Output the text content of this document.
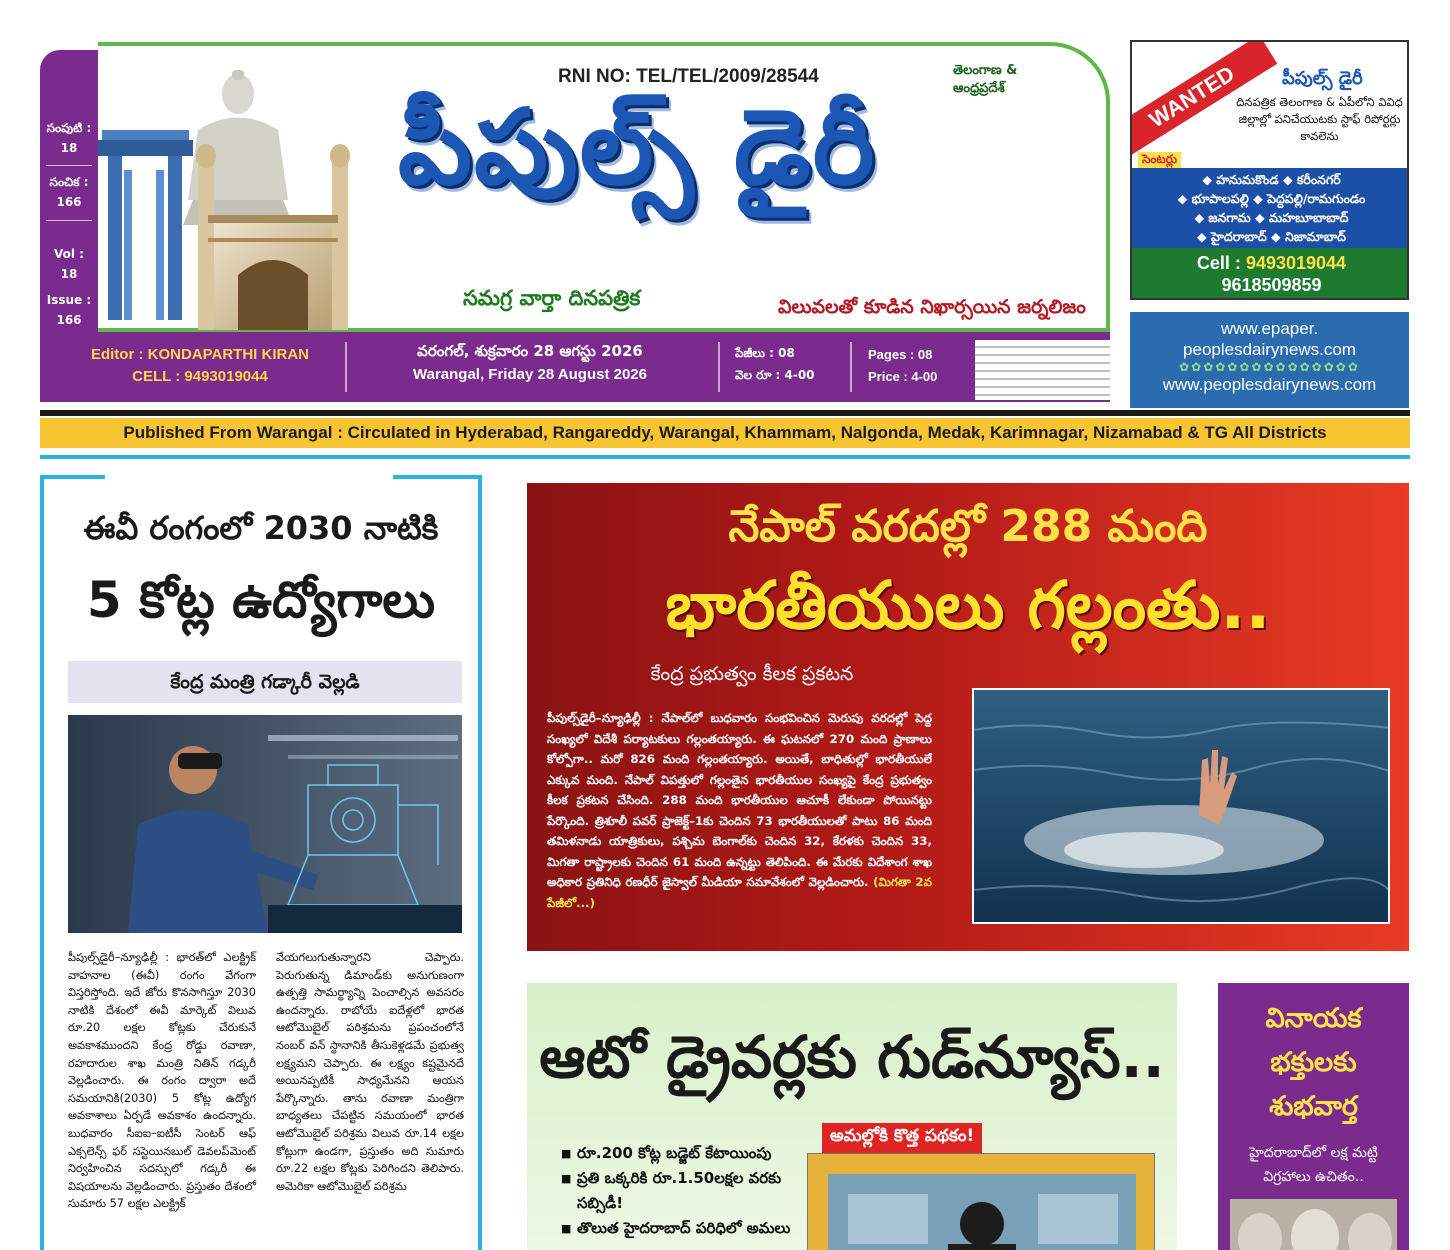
సంపుటి :
18
సంచిక :
166
Vol :
18
Issue :
166
RNI NO: TEL/TEL/2009/28544	తెలంగాణ &
ఆంధ్రప్రదేశ్
పీపుల్స్ డైరీ
సమగ్ర వార్తా దినపత్రిక	విలువలతో కూడిన నిఖార్సయిన జర్నలిజం
Editor : KONDAPARTHI KIRAN
CELL : 9493019044
వరంగల్, శుక్రవారం 28 ఆగస్టు 2026
Warangal, Friday 28 August 2026
పేజీలు : 08
వెల రూ : 4-00
Pages : 08
Price : 4-00
WANTED	పీపుల్స్ డైరీ
దినపత్రిక తెలంగాణ & ఏపీలోని వివిధ జిల్లాల్లో పనిచేయుటకు స్టాఫ్ రిపోర్టర్లు కావలెను
సెంటర్లు
◆ హనుమకొండ ◆ కరీంనగర్
◆ భూపాలపల్లి ◆ పెద్దపల్లి/రామగుండం
◆ జనగామ ◆ మహబూబాబాద్
◆ హైదరాబాద్ ◆ నిజామాబాద్
Cell : 9493019044
9618509859
www.epaper.
peoplesdairynews.com
✿✿✿✿✿✿✿✿✿✿✿✿✿✿✿
www.peoplesdairynews.com
Published From Warangal : Circulated in Hyderabad, Rangareddy, Warangal, Khammam, Nalgonda, Medak, Karimnagar, Nizamabad & TG All Districts
ఈవీ రంగంలో 2030 నాటికి
5 కోట్ల ఉద్యోగాలు
కేంద్ర మంత్రి గడ్కారీ వెల్లడి
పీపుల్స్‌డైరీ–న్యూఢిల్లీ : భారత్‌లో ఎలక్ట్రిక్ వాహనాల (ఈవీ) రంగం వేగంగా విస్తరిస్తోంది. ఇదే జోరు కొనసాగిస్తూ 2030 నాటికి దేశంలో ఈవీ మార్కెట్ విలువ రూ.20 లక్షల కోట్లకు చేరుకునే అవకాశముందని కేంద్ర రోడ్డు రవాణా, రహదారుల శాఖ మంత్రి నితిన్ గడ్కరీ వెల్లడించారు. ఈ రంగం ద్వారా అదే సమయానికి(2030) 5 కోట్ల ఉద్యోగ అవకాశాలు ఏర్పడే అవకాశం ఉందన్నారు. బుధవారం సీఐఐ–ఐటీసీ సెంటర్ ఆఫ్ ఎక్సలెన్స్ ఫర్ సస్టెయినబుల్ డెవలప్‌మెంట్ నిర్వహించిన సదస్సులో గడ్కరీ ఈ విషయాలను వెల్లడించారు. ప్రస్తుతం దేశంలో సుమారు 57 లక్షల ఎలక్ట్రిక్
వేయగలుగుతున్నారని చెప్పారు. పెరుగుతున్న డిమాండ్‌కు అనుగుణంగా ఉత్పత్తి సామర్థ్యాన్ని పెంచాల్సిన అవసరం ఉందన్నారు. రాబోయే ఐదేళ్లలో భారత ఆటోమొబైల్ పరిశ్రమను ప్రపంచంలోనే నంబర్ వన్ స్థానానికి తీసుకెళ్లడమే ప్రభుత్వ లక్ష్యమని చెప్పారు. ఈ లక్ష్యం కష్టమైనదే అయినప్పటికీ సాధ్యమేనని ఆయన పేర్కొన్నారు. తాను రవాణా మంత్రిగా బాధ్యతలు చేపట్టిన సమయంలో భారత ఆటోమొబైల్ పరిశ్రమ విలువ రూ.14 లక్షల కోట్లుగా ఉండగా, ప్రస్తుతం అది సుమారు రూ.22 లక్షల కోట్లకు పెరిగిందని తెలిపారు. అమెరికా ఆటోమొబైల్ పరిశ్రమ
నేపాల్ వరదల్లో 288 మంది
భారతీయులు గల్లంతు..
కేంద్ర ప్రభుత్వం కీలక ప్రకటన
పీపుల్స్‌డైరీ–న్యూఢిల్లీ : నేపాల్‌లో బుధవారం సంభవించిన మెరుపు వరదల్లో పెద్ద సంఖ్యలో విదేశీ పర్యాటకులు గల్లంతయ్యారు. ఈ ఘటనలో 270 మంది ప్రాణాలు కోల్పోగా.. మరో 826 మంది గల్లంతయ్యారు. అయితే, బాధితుల్లో భారతీయులే ఎక్కువ మంది. నేపాల్ విపత్తులో గల్లంతైన భారతీయుల సంఖ్యపై కేంద్ర ప్రభుత్వం కీలక ప్రకటన చేసింది. 288 మంది భారతీయుల ఆచూకీ లేకుండా పోయినట్టు పేర్కొంది. త్రిశూలీ పవర్ ప్రాజెక్ట్–1కు చెందిన 73 భారతీయులతో పాటు 86 మంది తమిళనాడు యాత్రికులు, పశ్చిమ బెంగాల్‌కు చెందిన 32, కేరళకు చెందిన 33, మిగతా రాష్ట్రాలకు చెందిన 61 మంది ఉన్నట్టు తెలిపింది. ఈ మేరకు విదేశాంగ శాఖ అధికార ప్రతినిధి రణధీర్ జైస్వాల్ మీడియా సమావేశంలో వెల్లడించారు. (మిగతా 2వ పేజీలో...)
ఆటో డ్రైవర్లకు గుడ్‌న్యూస్..
అమల్లోకి కొత్త పథకం!
■ రూ.200 కోట్ల బడ్జెట్ కేటాయింపు
■ ప్రతి ఒక్కరికి రూ.1.50లక్షల వరకు సబ్సిడీ!
■ తొలుత హైదరాబాద్ పరిధిలో అమలు
వినాయక
భక్తులకు
శుభవార్త
హైదరాబాద్‌లో లక్ష మట్టి విగ్రహాలు ఉచితం..
